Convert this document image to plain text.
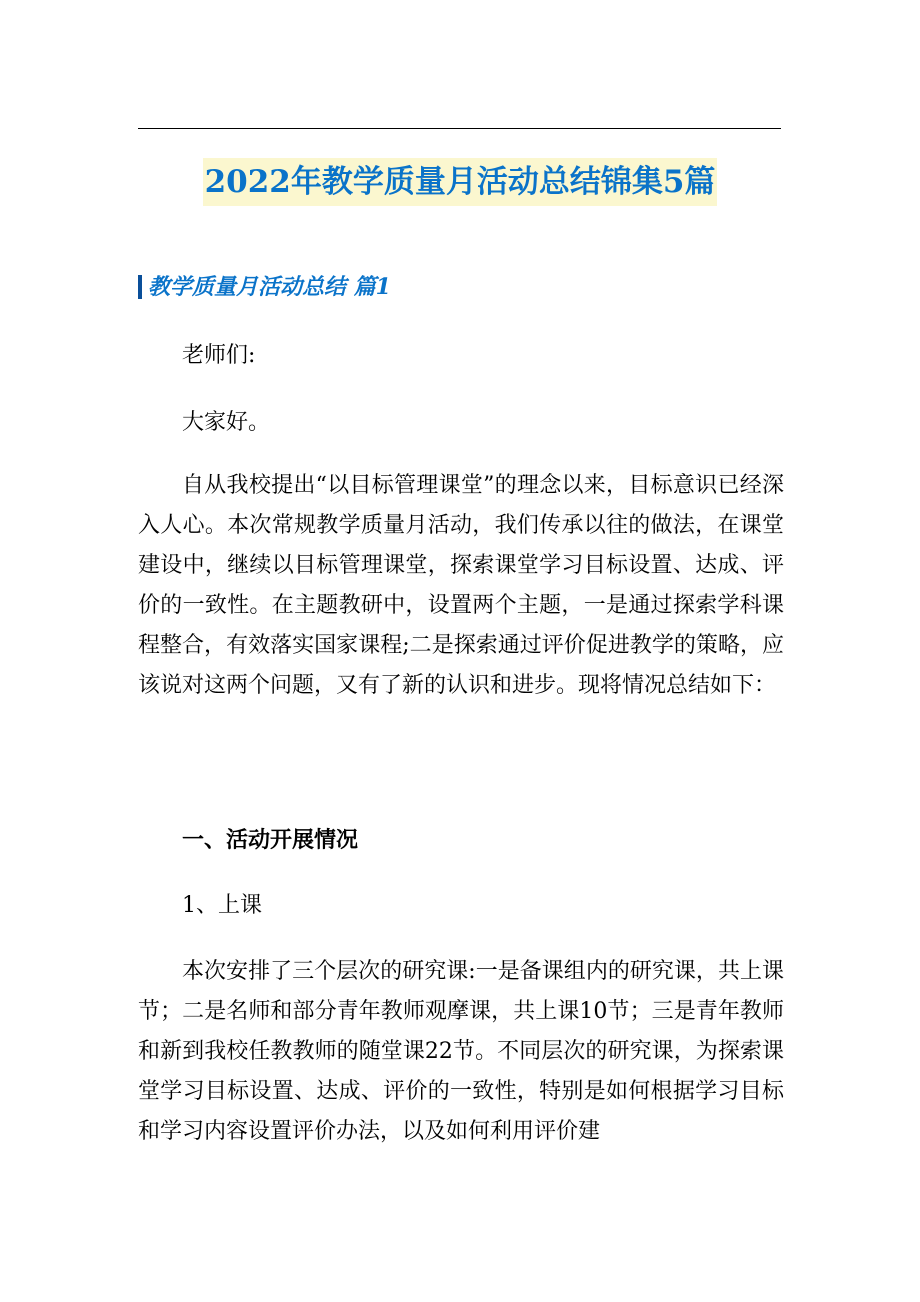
2022年教学质量月活动总结锦集5篇
教学质量月活动总结 篇1

老师们:

大家好。

自从我校提出“以目标管理课堂”的理念以来，目标意识已经深入人心。本次常规教学质量月活动，我们传承以往的做法，在课堂建设中，继续以目标管理课堂，探索课堂学习目标设置、达成、评价的一致性。在主题教研中，设置两个主题，一是通过探索学科课程整合，有效落实国家课程;二是探索通过评价促进教学的策略，应该说对这两个问题，又有了新的认识和进步。现将情况总结如下：

一、活动开展情况

1、上课

本次安排了三个层次的研究课:一是备课组内的研究课，共上课 节；二是名师和部分青年教师观摩课，共上课10节；三是青年教师和新到我校任教教师的随堂课22节。不同层次的研究课，为探索课堂学习目标设置、达成、评价的一致性，特别是如何根据学习目标和学习内容设置评价办法，以及如何利用评价建
